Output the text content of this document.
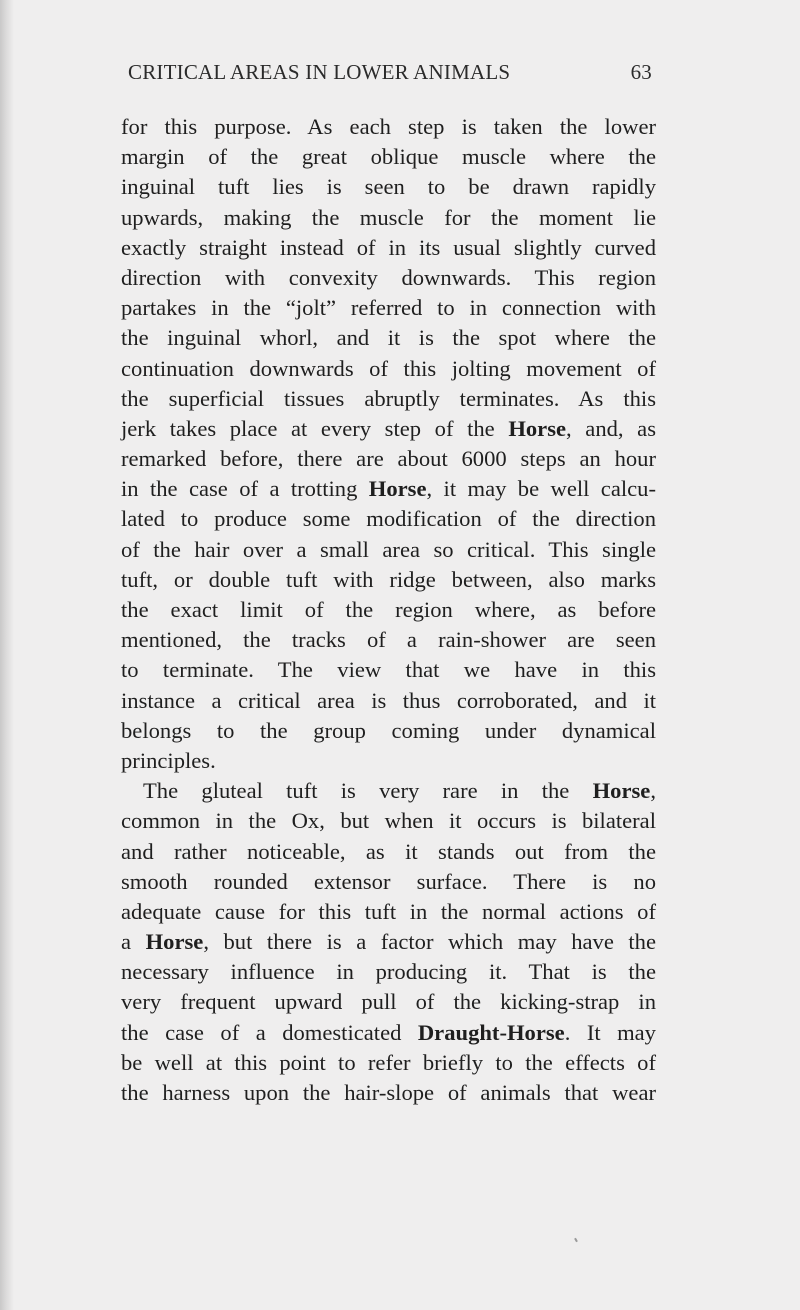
CRITICAL AREAS IN LOWER ANIMALS	63
for this purpose. As each step is taken the lower
margin of the great oblique muscle where the
inguinal tuft lies is seen to be drawn rapidly
upwards, making the muscle for the moment lie
exactly straight instead of in its usual slightly curved
direction with convexity downwards. This region
partakes in the “jolt” referred to in connection with
the inguinal whorl, and it is the spot where the
continuation downwards of this jolting movement of
the superficial tissues abruptly terminates. As this
jerk takes place at every step of the Horse, and, as
remarked before, there are about 6000 steps an hour
in the case of a trotting Horse, it may be well calcu-
lated to produce some modification of the direction
of the hair over a small area so critical. This single
tuft, or double tuft with ridge between, also marks
the exact limit of the region where, as before
mentioned, the tracks of a rain-shower are seen
to terminate. The view that we have in this
instance a critical area is thus corroborated, and it
belongs to the group coming under dynamical
principles.
The gluteal tuft is very rare in the Horse,
common in the Ox, but when it occurs is bilateral
and rather noticeable, as it stands out from the
smooth rounded extensor surface. There is no
adequate cause for this tuft in the normal actions of
a Horse, but there is a factor which may have the
necessary influence in producing it. That is the
very frequent upward pull of the kicking-strap in
the case of a domesticated Draught-Horse. It may
be well at this point to refer briefly to the effects of
the harness upon the hair-slope of animals that wear
